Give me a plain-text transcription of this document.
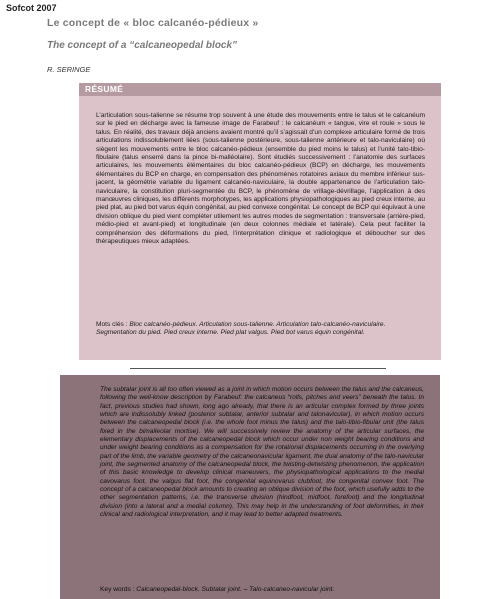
Sofcot 2007
Le concept de « bloc calcanéo-pédieux »
The concept of a “calcaneopedal block”
R. SERINGE
RÉSUMÉ

L’articulation sous-talienne se résume trop souvent à une étude des mouvements entre le talus et le calcanéum sur le pied en décharge avec la fameuse image de Farabeuf : le calcanéum « tangue, vire et roule » sous le talus. En réalité, des travaux déjà anciens avaient montré qu’il s’agissait d’un complexe articulaire formé de trois articulations indissolublement liées (sous-talienne postérieure, sous-talienne antérieure et talo-naviculaire) où siègent les mouvements entre le bloc calcanéo-pédieux (ensemble du pied moins le talus) et l’unité talo-tibio-fibulaire (talus enserré dans la pince bi-malléolaire). Sont étudiés successivement : l’anatomie des surfaces articulaires, les mouvements élémentaires du bloc calcanéo-pédieux (BCP) en décharge, les mouvements élémentaires du BCP en charge, en compensation des phénomènes rotatoires axiaux du membre inférieur sus-jacent, la géométrie variable du ligament calcanéo-naviculaire, la double appartenance de l’articulation talo-naviculaire, la constitution pluri-segmentée du BCP, le phénomène de vrillage-dévrillage, l’application à des manœuvres cliniques, les différents morphotypes, les applications physiopathologiques au pied creux interne, au pied plat, au pied bot varus équin congénital, au pied convexe congénital. Le concept de BCP qui équivaut à une division oblique du pied vient compléter utilement les autres modes de segmentation : transversale (arrière-pied, médio-pied et avant-pied) et longitudinale (en deux colonnes médiale et latérale). Cela peut faciliter la compréhension des déformations du pied, l’interprétation clinique et radiologique et déboucher sur des thérapeutiques mieux adaptées.

Mots clés : Bloc calcanéo-pédieux. Articulation sous-talienne. Articulation talo-calcanéo-naviculaire. Segmentation du pied. Pied creux interne. Pied plat valgus. Pied bot varus équin congénital.

The subtalar joint is all too often viewed as a joint in which motion occurs between the talus and the calcaneus, following the well-know description by Farabeuf: the calcaneus “rolls, pitches and veers” beneath the talus. In fact, previous studies had shown, long ago already, that there is an articular complex formed by three joints which are indissolubly linked (posterior subtalar, anterior subtalar and talonavicular), in which motion occurs between the calcaneopedal block (i.e. the whole foot minus the talus) and the talo-tibio-fibular unit (the talus fixed in the bimalleolar mortise). We will successively review the anatomy of the articular surfaces, the elementary displacements of the calcaneopedal block which occur under non weight bearing conditions and under weight bearing conditions as a compensation for the rotational displacements occurring in the overlying part of the limb, the variable geometry of the calcaneonavicular ligament, the dual anatomy of the talo-navicular joint, the segmented anatomy of the calcaneopedal block, the twisting-detwisting phenomenon, the application of this basic knowledge to develop clinical maneuvers, the physiopathological applications to the medial cavovarus foot, the valgus flat foot, the congenital equinovarus clubfoot, the congenital convex foot. The concept of a calcaneopedal block amounts to creating an oblique division of the foot, which usefully adds to the other segmentation patterns, i.e. the transverse division (hindfoot, midfoot, forefoot) and the longitudinal division (into a lateral and a medial column). This may help in the understanding of foot deformities, in their clinical and radiological interpretation, and it may lead to better adapted treatments.

Key words : Calcaneopedal-block. Subtalar joint. – Talo-calcaneo-navicular joint.
